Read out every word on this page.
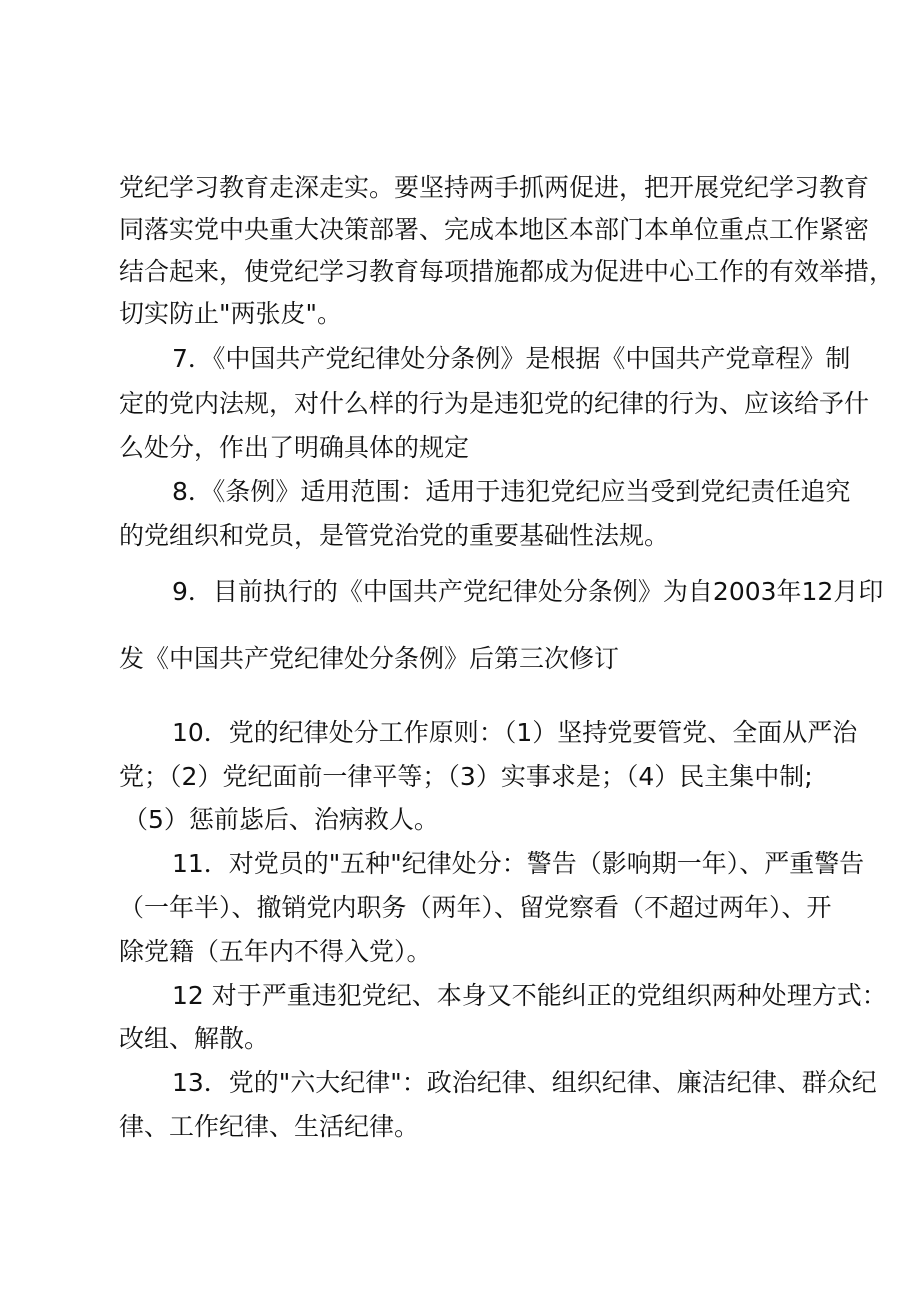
党纪学习教育走深走实。要坚持两手抓两促进，把开展党纪学习教育

同落实党中央重大决策部署、完成本地区本部门本单位重点工作紧密

结合起来，使党纪学习教育每项措施都成为促进中心工作的有效举措，

切实防止"两张皮"。

7．《中国共产党纪律处分条例》是根据《中国共产党章程》制

定的党内法规，对什么样的行为是违犯党的纪律的行为、应该给予什

么处分，作出了明确具体的规定

8．《条例》适用范围：适用于违犯党纪应当受到党纪责任追究

的党组织和党员，是管党治党的重要基础性法规。

9．目前执行的《中国共产党纪律处分条例》为自2003年12月印

发《中国共产党纪律处分条例》后第三次修订

10．党的纪律处分工作原则：（1）坚持党要管党、全面从严治

党；（2）党纪面前一律平等；（3）实事求是；（4）民主集中制;

（5）惩前毖后、治病救人。

11．对党员的"五种"纪律处分：警告（影响期一年）、严重警告

（一年半）、撤销党内职务（两年）、留党察看（不超过两年）、开

除党籍（五年内不得入党）。

12 对于严重违犯党纪、本身又不能纠正的党组织两种处理方式：

改组、解散。

13．党的"六大纪律"：政治纪律、组织纪律、廉洁纪律、群众纪

律、工作纪律、生活纪律。
